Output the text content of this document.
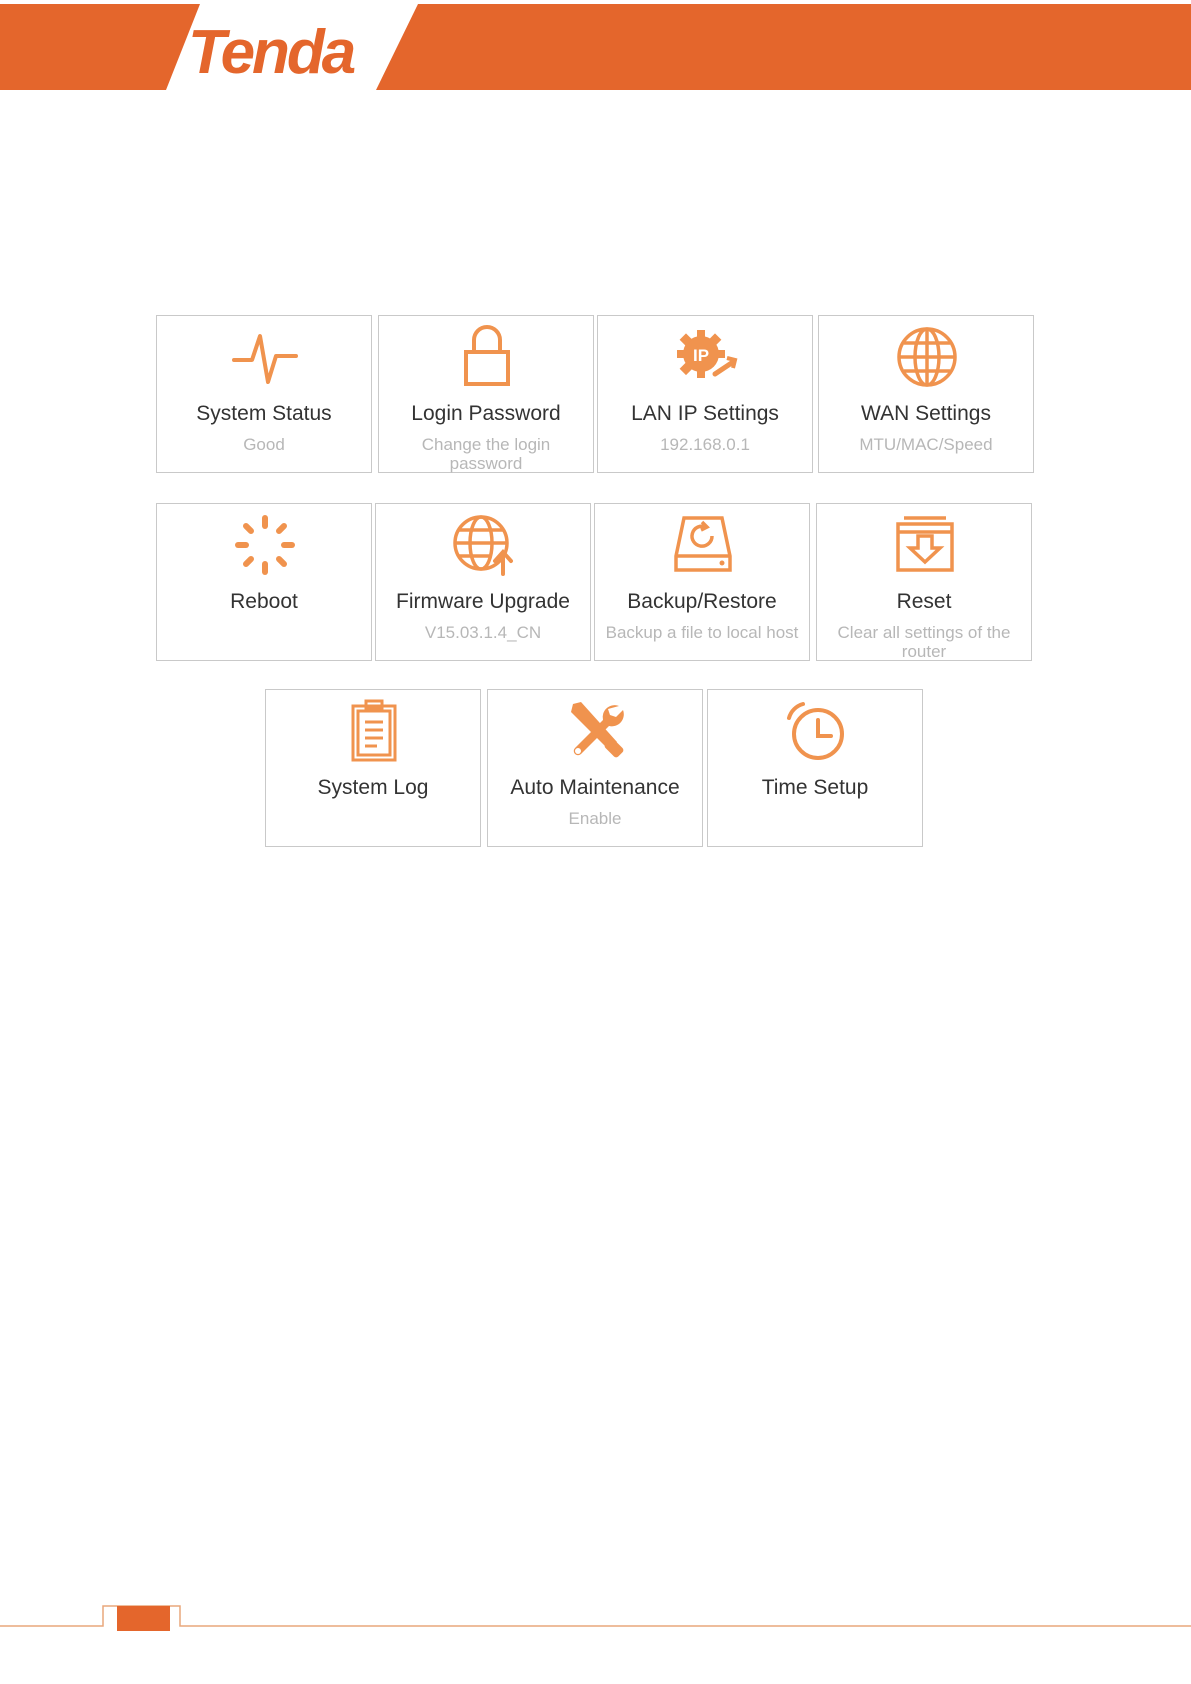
Tenda
System Status
Good
Login Password
Change the login password
IP
LAN IP Settings
192.168.0.1
WAN Settings
MTU/MAC/Speed
Reboot	Firmware Upgrade
V15.03.1.4_CN
Backup/Restore
Backup a file to local host
Reset
Clear all settings of the router
System Log	Auto Maintenance
Enable
Time Setup
